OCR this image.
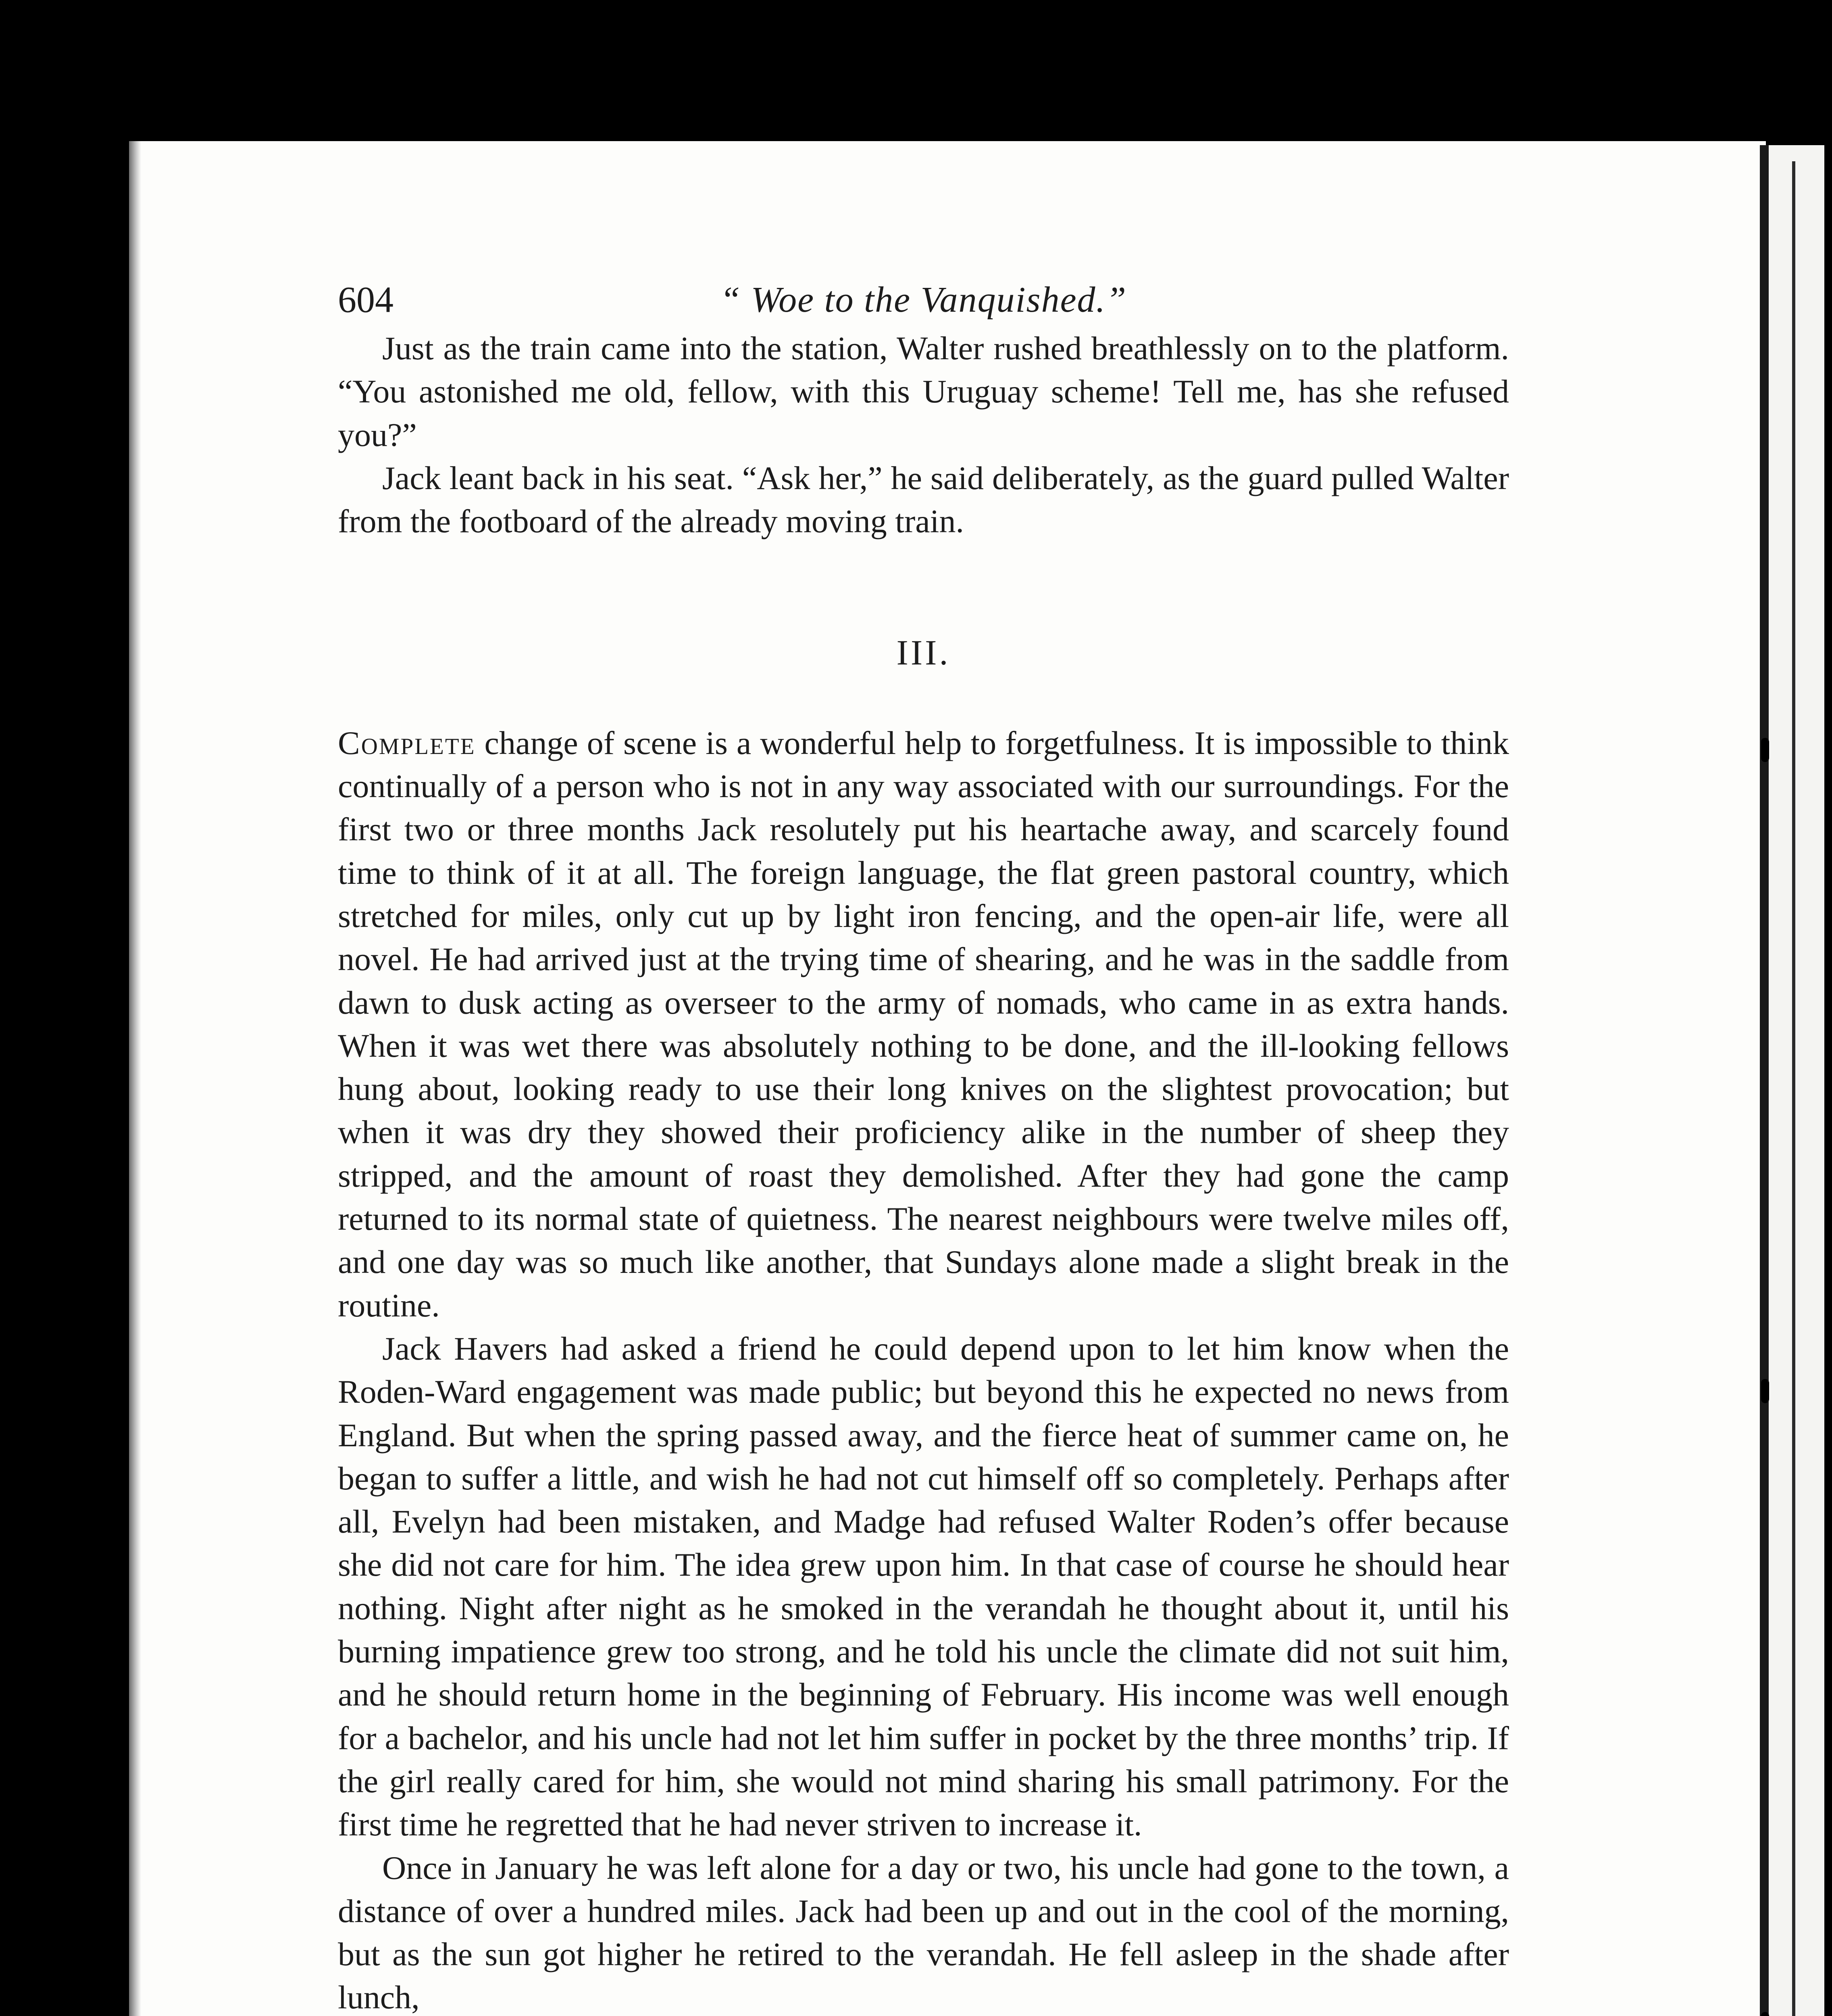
604	“ Woe to the Vanquished.”

Just as the train came into the station, Walter rushed breathlessly on to the platform. “You astonished me old, fellow, with this Uruguay scheme! Tell me, has she refused you?”

Jack leant back in his seat. “Ask her,” he said deliberately, as the guard pulled Walter from the footboard of the already moving train.

III.

Complete change of scene is a wonderful help to forgetfulness. It is impossible to think continually of a person who is not in any way associated with our surroundings. For the first two or three months Jack resolutely put his heartache away, and scarcely found time to think of it at all. The foreign language, the flat green pastoral country, which stretched for miles, only cut up by light iron fencing, and the open-air life, were all novel. He had arrived just at the trying time of shearing, and he was in the saddle from dawn to dusk acting as overseer to the army of nomads, who came in as extra hands. When it was wet there was absolutely nothing to be done, and the ill-looking fellows hung about, looking ready to use their long knives on the slightest provocation; but when it was dry they showed their proficiency alike in the number of sheep they stripped, and the amount of roast they demolished. After they had gone the camp returned to its normal state of quietness. The nearest neighbours were twelve miles off, and one day was so much like another, that Sundays alone made a slight break in the routine.

Jack Havers had asked a friend he could depend upon to let him know when the Roden-Ward engagement was made public; but beyond this he expected no news from England. But when the spring passed away, and the fierce heat of summer came on, he began to suffer a little, and wish he had not cut himself off so completely. Perhaps after all, Evelyn had been mistaken, and Madge had refused Walter Roden’s offer because she did not care for him. The idea grew upon him. In that case of course he should hear nothing. Night after night as he smoked in the verandah he thought about it, until his burning impatience grew too strong, and he told his uncle the climate did not suit him, and he should return home in the beginning of February. His income was well enough for a bachelor, and his uncle had not let him suffer in pocket by the three months’ trip. If the girl really cared for him, she would not mind sharing his small patrimony. For the first time he regretted that he had never striven to increase it.

Once in January he was left alone for a day or two, his uncle had gone to the town, a distance of over a hundred miles. Jack had been up and out in the cool of the morning, but as the sun got higher he retired to the verandah. He fell asleep in the shade after lunch,
